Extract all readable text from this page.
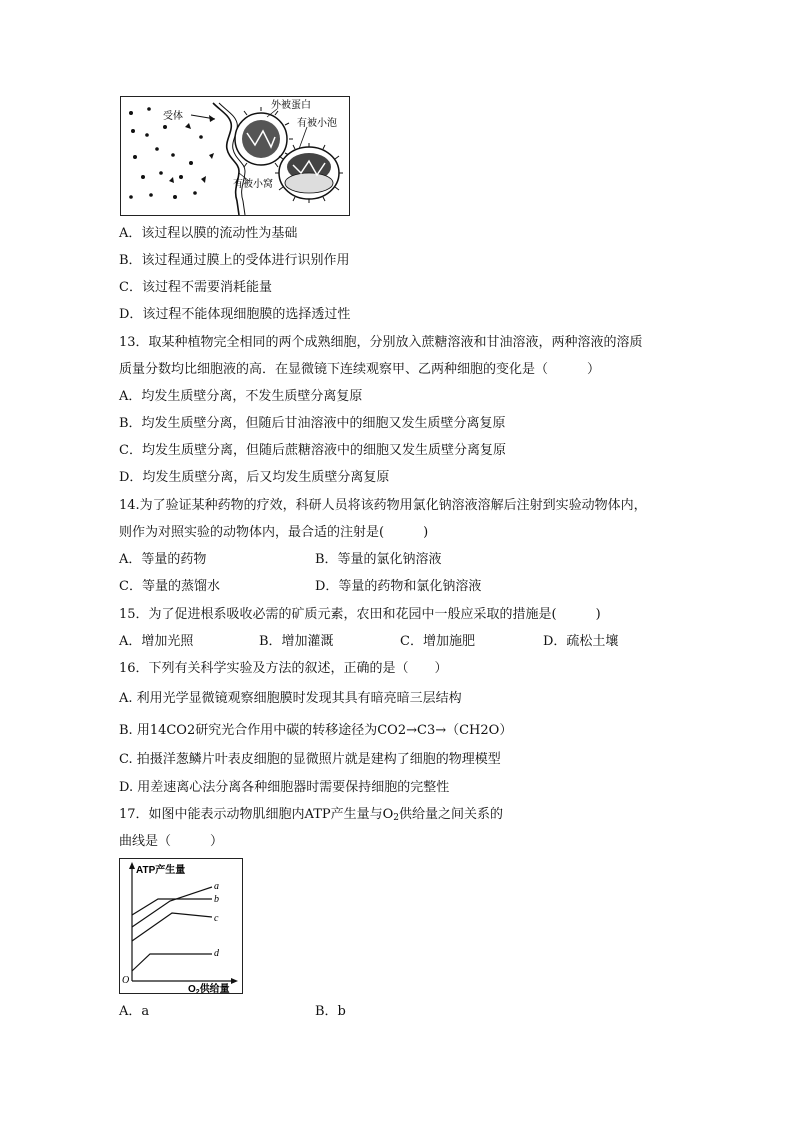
受体
外被蛋白
有被小泡
有被小窝
A．该过程以膜的流动性为基础
B．该过程通过膜上的受体进行识别作用
C．该过程不需要消耗能量
D．该过程不能体现细胞膜的选择透过性
13．取某种植物完全相同的两个成熟细胞，分别放入蔗糖溶液和甘油溶液，两种溶液的溶质
质量分数均比细胞液的高．在显微镜下连续观察甲、乙两种细胞的变化是（　　　）
A．均发生质壁分离，不发生质壁分离复原
B．均发生质壁分离，但随后甘油溶液中的细胞又发生质壁分离复原
C．均发生质壁分离，但随后蔗糖溶液中的细胞又发生质壁分离复原
D．均发生质壁分离，后又均发生质壁分离复原
14.为了验证某种药物的疗效，科研人员将该药物用氯化钠溶液溶解后注射到实验动物体内，
则作为对照实验的动物体内，最合适的注射是(　　　)
A．等量的药物	B．等量的氯化钠溶液
C．等量的蒸馏水	D．等量的药物和氯化钠溶液
15．为了促进根系吸收必需的矿质元素，农田和花园中一般应采取的措施是(　　　)
A．增加光照	B．增加灌溉	C．增加施肥	D．疏松土壤
16．下列有关科学实验及方法的叙述，正确的是（　　）
A. 利用光学显微镜观察细胞膜时发现其具有暗亮暗三层结构
B. 用14CO2研究光合作用中碳的转移途径为CO2→C3→（CH2O）
C. 拍摄洋葱鳞片叶表皮细胞的显微照片就是建构了细胞的物理模型
D. 用差速离心法分离各种细胞器时需要保持细胞的完整性
17．如图中能表示动物肌细胞内ATP产生量与$O_2$供给量之间关系的
曲线是（　　　）
ATP产生量
O
a
b
c
d
$O_2$供给量
A．a	B．b
